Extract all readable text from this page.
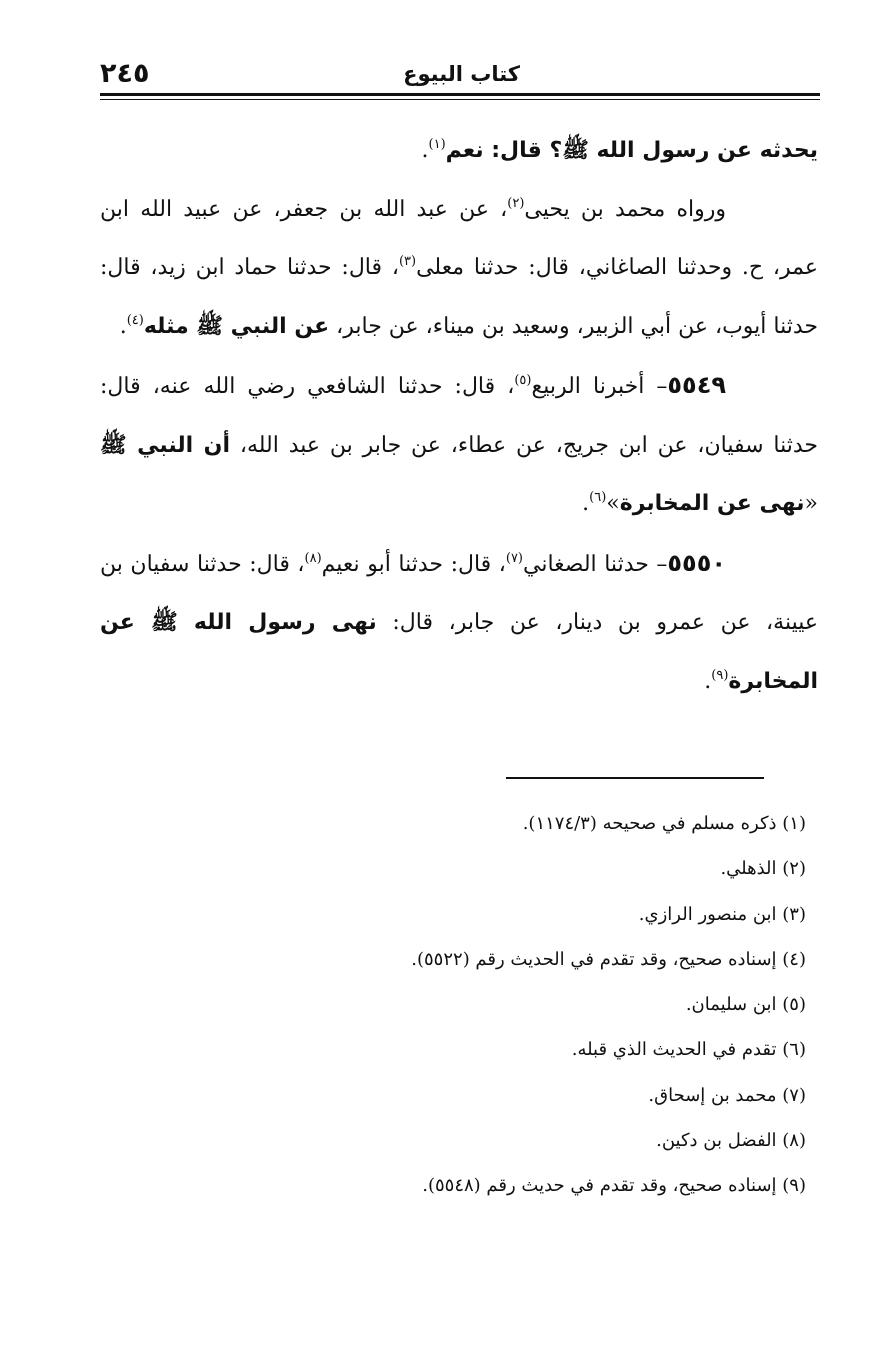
كتاب البيوع
٢٤٥

يحدثه عن رسول الله ﷺ؟ قال: نعم$^{(١)}$.

ورواه محمد بن يحيى$^{(٢)}$، عن عبد الله بن جعفر، عن عبيد الله ابن عمر، ح. وحدثنا الصاغاني، قال: حدثنا معلى$^{(٣)}$، قال: حدثنا حماد ابن زيد، قال: حدثنا أيوب، عن أبي الزبير، وسعيد بن ميناء، عن جابر، عن النبي ﷺ مثله$^{(٤)}$.

٥٥٤٩– أخبرنا الربيع$^{(٥)}$، قال: حدثنا الشافعي رضي الله عنه، قال: حدثنا سفيان، عن ابن جريج، عن عطاء، عن جابر بن عبد الله، أن النبي ﷺ «نهى عن المخابرة»$^{(٦)}$.

٥٥٥٠– حدثنا الصغاني$^{(٧)}$، قال: حدثنا أبو نعيم$^{(٨)}$، قال: حدثنا سفيان بن عيينة، عن عمرو بن دينار، عن جابر، قال: نهى رسول الله ﷺ عن المخابرة$^{(٩)}$.

(١) ذكره مسلم في صحيحه (١١٧٤/٣).
(٢) الذهلي.
(٣) ابن منصور الرازي.
(٤) إسناده صحيح، وقد تقدم في الحديث رقم (٥٥٢٢).
(٥) ابن سليمان.
(٦) تقدم في الحديث الذي قبله.
(٧) محمد بن إسحاق.
(٨) الفضل بن دكين.
(٩) إسناده صحيح، وقد تقدم في حديث رقم (٥٥٤٨).
